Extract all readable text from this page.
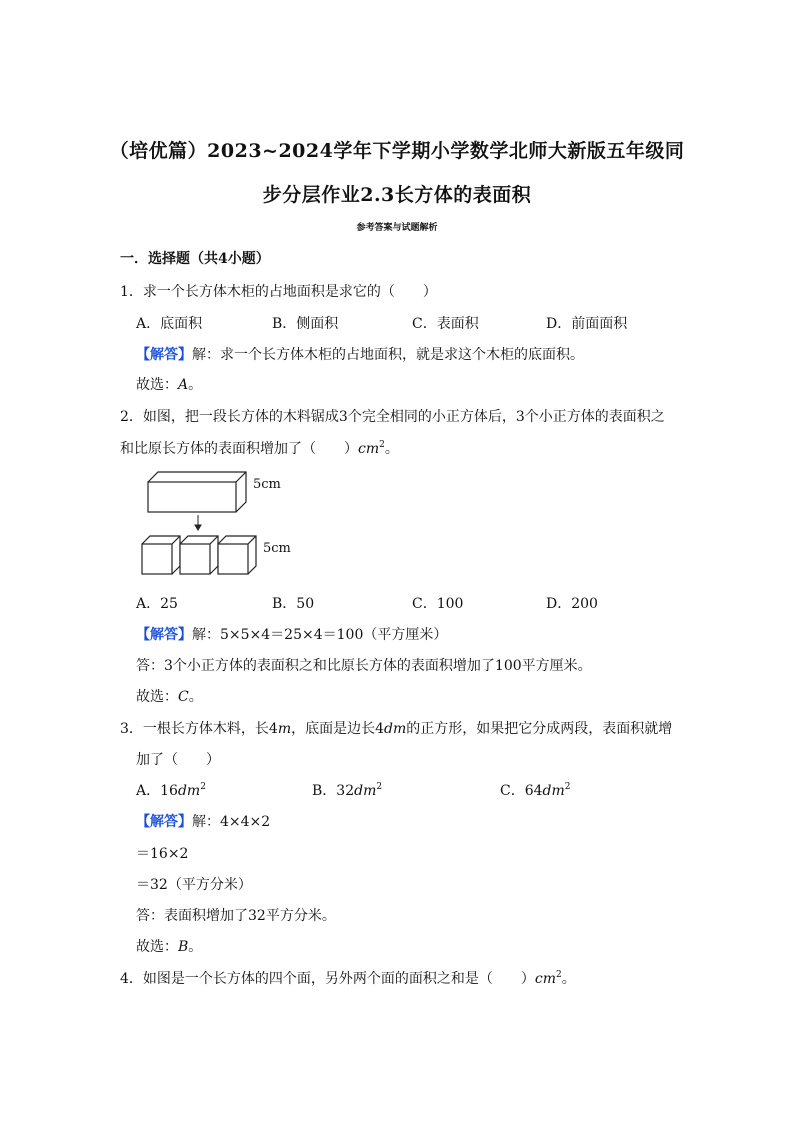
（培优篇）2023~2024学年下学期小学数学北师大新版五年级同
步分层作业2.3长方体的表面积
参考答案与试题解析
一．选择题（共4小题）
1．求一个长方体木柜的占地面积是求它的（　　）
A．底面积	B．侧面积	C．表面积	D．前面面积
【解答】解：求一个长方体木柜的占地面积，就是求这个木柜的底面积。
故选：A。
2．如图，把一段长方体的木料锯成3个完全相同的小正方体后，3个小正方体的表面积之
和比原长方体的表面积增加了（　　）$cm^2$。
5cm
5cm
A．25	B．50	C．100	D．200
【解答】解：5×5×4＝25×4＝100（平方厘米）
答：3个小正方体的表面积之和比原长方体的表面积增加了100平方厘米。
故选：C。
3．一根长方体木料，长4m，底面是边长4dm的正方形，如果把它分成两段，表面积就增
加了（　　）
A．$16dm^2$	B．$32dm^2$	C．$64dm^2$
【解答】解：4×4×2
＝16×2
＝32（平方分米）
答：表面积增加了32平方分米。
故选：B。
4．如图是一个长方体的四个面，另外两个面的面积之和是（　　）$cm^2$。
